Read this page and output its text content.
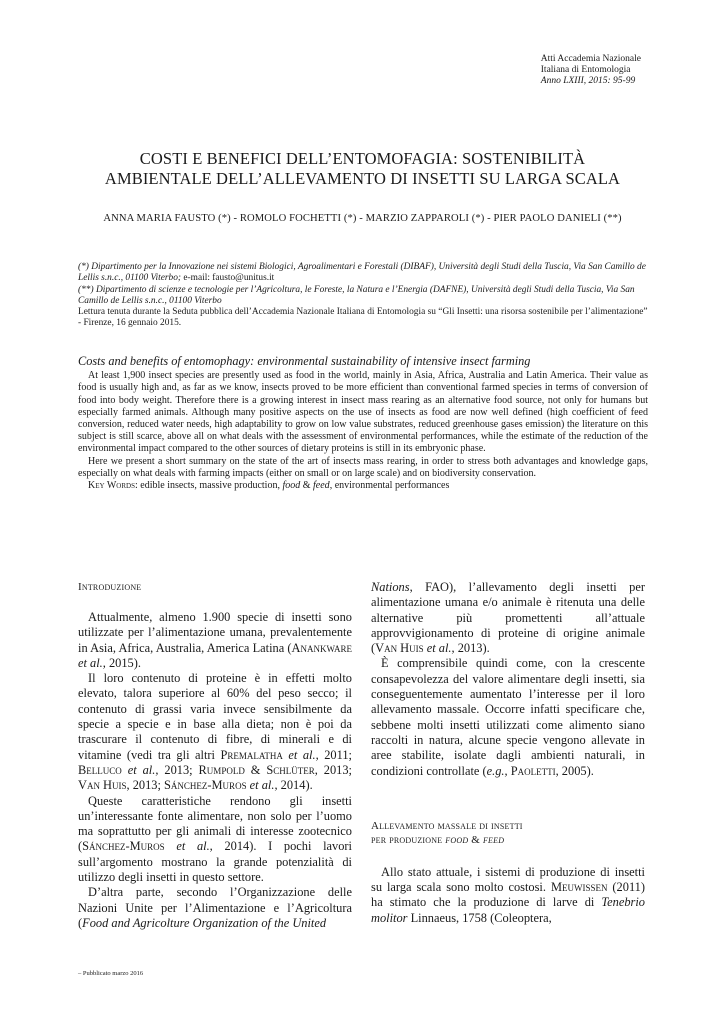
Atti Accademia Nazionale
Italiana di Entomologia
Anno LXIII, 2015: 95-99
COSTI E BENEFICI DELL’ENTOMOFAGIA: SOSTENIBILITÀ
AMBIENTALE DELL’ALLEVAMENTO DI INSETTI SU LARGA SCALA
ANNA MARIA FAUSTO (*) - ROMOLO FOCHETTI (*) - MARZIO ZAPPAROLI (*) - PIER PAOLO DANIELI (**)
(*) Dipartimento per la Innovazione nei sistemi Biologici, Agroalimentari e Forestali (DIBAF), Università degli Studi della Tuscia, Via San Camillo de Lellis s.n.c., 01100 Viterbo; e-mail: fausto@unitus.it
(**) Dipartimento di scienze e tecnologie per l’Agricoltura, le Foreste, la Natura e l’Energia (DAFNE), Università degli Studi della Tuscia, Via San Camillo de Lellis s.n.c., 01100 Viterbo
Lettura tenuta durante la Seduta pubblica dell’Accademia Nazionale Italiana di Entomologia su “Gli Insetti: una risorsa sostenibile per l’alimentazione” - Firenze, 16 gennaio 2015.
Costs and benefits of entomophagy: environmental sustainability of intensive insect farming

At least 1,900 insect species are presently used as food in the world, mainly in Asia, Africa, Australia and Latin America. Their value as food is usually high and, as far as we know, insects proved to be more efficient than conventional farmed species in terms of conversion of food into body weight. Therefore there is a growing interest in insect mass rearing as an alternative food source, not only for humans but especially farmed animals. Although many positive aspects on the use of insects as food are now well defined (high coefficient of feed conversion, reduced water needs, high adaptability to grow on low value substrates, reduced greenhouse gases emission) the literature on this subject is still scarce, above all on what deals with the assessment of environmental performances, while the estimate of the reduction of the environmental impact compared to the other sources of dietary proteins is still in its embryonic phase.

Here we present a short summary on the state of the art of insects mass rearing, in order to stress both advantages and knowledge gaps, especially on what deals with farming impacts (either on small or on large scale) and on biodiversity conservation.

Key Words: edible insects, massive production, food & feed, environmental performances

Introduzione

Attualmente, almeno 1.900 specie di insetti sono utilizzate per l’alimentazione umana, prevalentemente in Asia, Africa, Australia, America Latina (Anankware et al., 2015).

Il loro contenuto di proteine è in effetti molto elevato, talora superiore al 60% del peso secco; il contenuto di grassi varia invece sensibilmente da specie a specie e in base alla dieta; non è poi da trascurare il contenuto di fibre, di minerali e di vitamine (vedi tra gli altri Premalatha et al., 2011; Belluco et al., 2013; Rumpold & Schlüter, 2013; Van Huis, 2013; Sánchez-Muros et al., 2014).

Queste caratteristiche rendono gli insetti un’interessante fonte alimentare, non solo per l’uomo ma soprattutto per gli animali di interesse zootecnico (Sánchez-Muros et al., 2014). I pochi lavori sull’argomento mostrano la grande potenzialità di utilizzo degli insetti in questo settore.

D’altra parte, secondo l’Organizzazione delle Nazioni Unite per l’Alimentazione e l’Agricoltura (Food and Agricolture Organization of the United

Nations, FAO), l’allevamento degli insetti per alimentazione umana e/o animale è ritenuta una delle alternative più promettenti all’attuale approvvigionamento di proteine di origine animale (Van Huis et al., 2013).

È comprensibile quindi come, con la crescente consapevolezza del valore alimentare degli insetti, sia conseguentemente aumentato l’interesse per il loro allevamento massale. Occorre infatti specificare che, sebbene molti insetti utilizzati come alimento siano raccolti in natura, alcune specie vengono allevate in aree stabilite, isolate dagli ambienti naturali, in condizioni controllate (e.g., Paoletti, 2005).

Allevamento massale di insetti
per produzione food & feed

Allo stato attuale, i sistemi di produzione di insetti su larga scala sono molto costosi. Meuwissen (2011) ha stimato che la produzione di larve di Tenebrio molitor Linnaeus, 1758 (Coleoptera,

– Pubblicato marzo 2016
